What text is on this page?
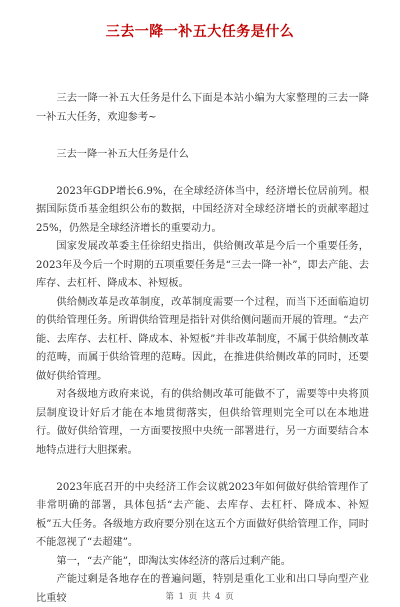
三去一降一补五大任务是什么

三去一降一补五大任务是什么下面是本站小编为大家整理的三去一降一补五大任务，欢迎参考~

三去一降一补五大任务是什么

2023年GDP增长6.9%，在全球经济体当中，经济增长位居前列。根据国际货币基金组织公布的数据，中国经济对全球经济增长的贡献率超过25%，仍然是全球经济增长的重要动力。

国家发展改革委主任徐绍史指出，供给侧改革是今后一个重要任务，2023年及今后一个时期的五项重要任务是“三去一降一补”，即去产能、去库存、去杠杆、降成本、补短板。

供给侧改革是改革制度，改革制度需要一个过程，而当下还面临迫切的供给管理任务。所谓供给管理是指针对供给侧问题而开展的管理。“去产能、去库存、去杠杆、降成本、补短板”并非改革制度，不属于供给侧改革的范畴，而属于供给管理的范畴。因此，在推进供给侧改革的同时，还要做好供给管理。

对各级地方政府来说，有的供给侧改革可能做不了，需要等中央将顶层制度设计好后才能在本地贯彻落实，但供给管理则完全可以在本地进行。做好供给管理，一方面要按照中央统一部署进行，另一方面要结合本地特点进行大胆探索。

2023年底召开的中央经济工作会议就2023年如何做好供给管理作了非常明确的部署，具体包括“去产能、去库存、去杠杆、降成本、补短板”五大任务。各级地方政府要分别在这五个方面做好供给管理工作，同时不能忽视了“去超建”。

第一，“去产能”，即淘汰实体经济的落后过剩产能。

产能过剩是各地存在的普遍问题，特别是重化工业和出口导向型产业比重较	第 1 页 共 4 页
